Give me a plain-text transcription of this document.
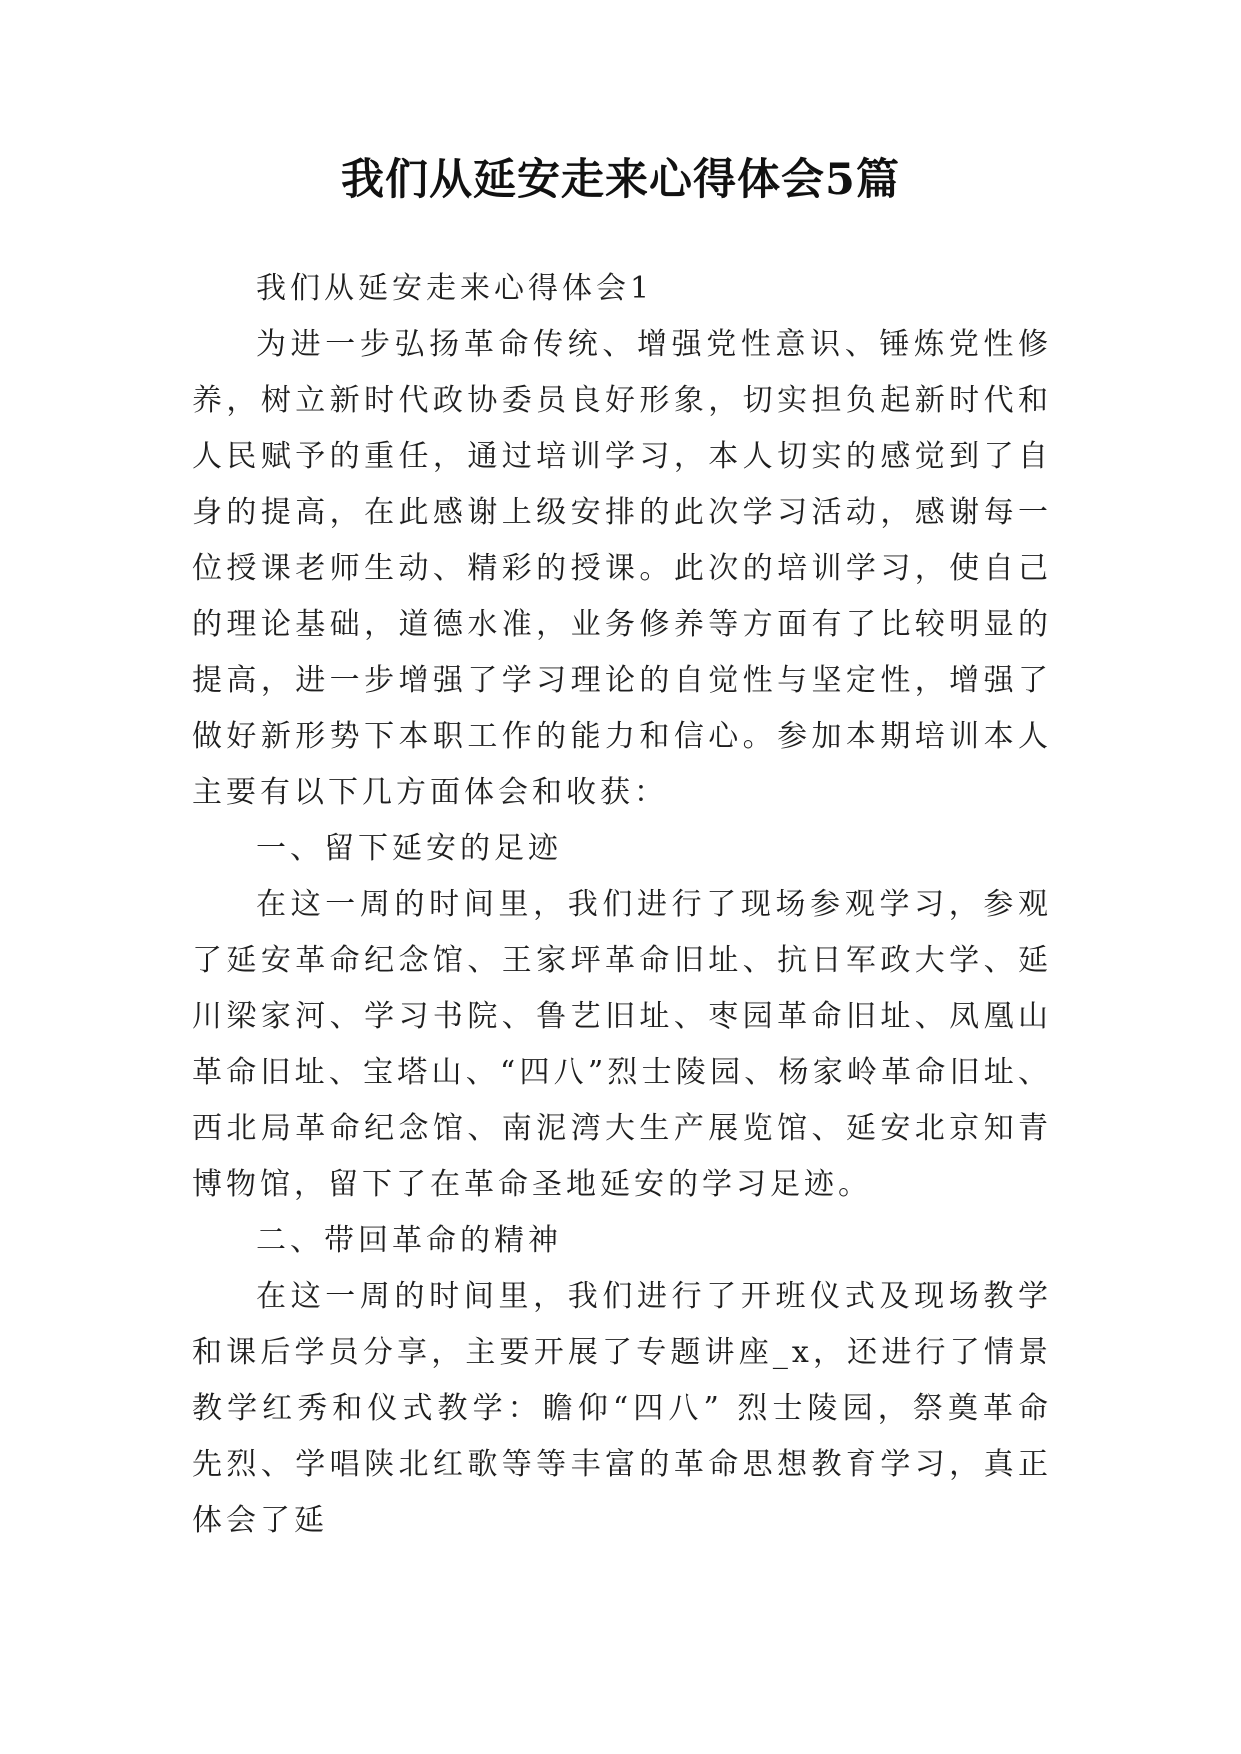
我们从延安走来心得体会5篇

我们从延安走来心得体会1

为进一步弘扬革命传统、增强党性意识、锤炼党性修养，树立新时代政协委员良好形象，切实担负起新时代和人民赋予的重任，通过培训学习，本人切实的感觉到了自身的提高，在此感谢上级安排的此次学习活动，感谢每一位授课老师生动、精彩的授课。此次的培训学习，使自己的理论基础，道德水准，业务修养等方面有了比较明显的提高，进一步增强了学习理论的自觉性与坚定性，增强了做好新形势下本职工作的能力和信心。参加本期培训本人主要有以下几方面体会和收获：

一、留下延安的足迹

在这一周的时间里，我们进行了现场参观学习，参观了延安革命纪念馆、王家坪革命旧址、抗日军政大学、延川梁家河、学习书院、鲁艺旧址、枣园革命旧址、凤凰山革命旧址、宝塔山、“四八”烈士陵园、杨家岭革命旧址、西北局革命纪念馆、南泥湾大生产展览馆、延安北京知青博物馆，留下了在革命圣地延安的学习足迹。

二、带回革命的精神

在这一周的时间里，我们进行了开班仪式及现场教学和课后学员分享，主要开展了专题讲座_x，还进行了情景教学红秀和仪式教学：瞻仰“四八” 烈士陵园，祭奠革命先烈、学唱陕北红歌等等丰富的革命思想教育学习，真正体会了延
